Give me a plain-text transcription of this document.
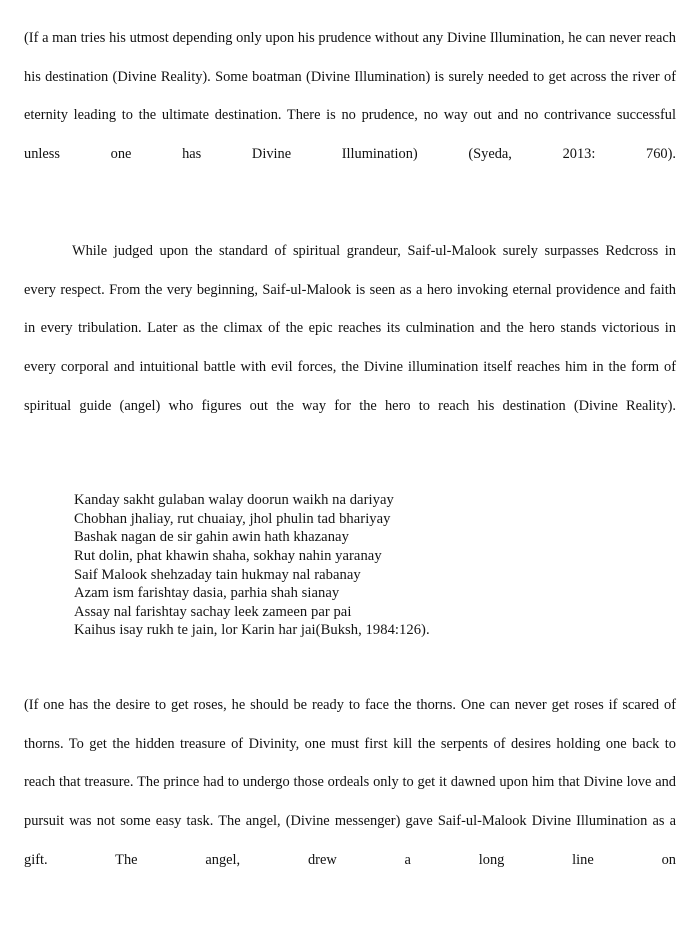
(If a man tries his utmost depending only upon his prudence without any Divine Illumination, he can never reach his destination (Divine Reality). Some boatman (Divine Illumination) is surely needed to get across the river of eternity leading to the ultimate destination. There is no prudence, no way out and no contrivance successful unless one has Divine Illumination) (Syeda, 2013: 760).

While judged upon the standard of spiritual grandeur, Saif-ul-Malook surely surpasses Redcross in every respect. From the very beginning, Saif-ul-Malook is seen as a hero invoking eternal providence and faith in every tribulation. Later as the climax of the epic reaches its culmination and the hero stands victorious in every corporal and intuitional battle with evil forces, the Divine illumination itself reaches him in the form of spiritual guide (angel) who figures out the way for the hero to reach his destination (Divine Reality).

Kanday sakht gulaban walay doorun waikh na dariyay
Chobhan jhaliay, rut chuaiay, jhol phulin tad bhariyay
Bashak nagan de sir gahin awin hath khazanay
Rut dolin, phat khawin shaha, sokhay nahin yaranay
Saif Malook shehzaday tain hukmay nal rabanay
Azam ism farishtay dasia, parhia shah sianay
Assay nal farishtay sachay leek zameen par pai
Kaihus isay rukh te jain, lor Karin har jai(Buksh, 1984:126).

(If one has the desire to get roses, he should be ready to face the thorns. One can never get roses if scared of thorns. To get the hidden treasure of Divinity, one must first kill the serpents of desires holding one back to reach that treasure. The prince had to undergo those ordeals only to get it dawned upon him that Divine love and pursuit was not some easy task. The angel, (Divine messenger) gave Saif-ul-Malook Divine Illumination as a gift. The angel, drew a long line on
